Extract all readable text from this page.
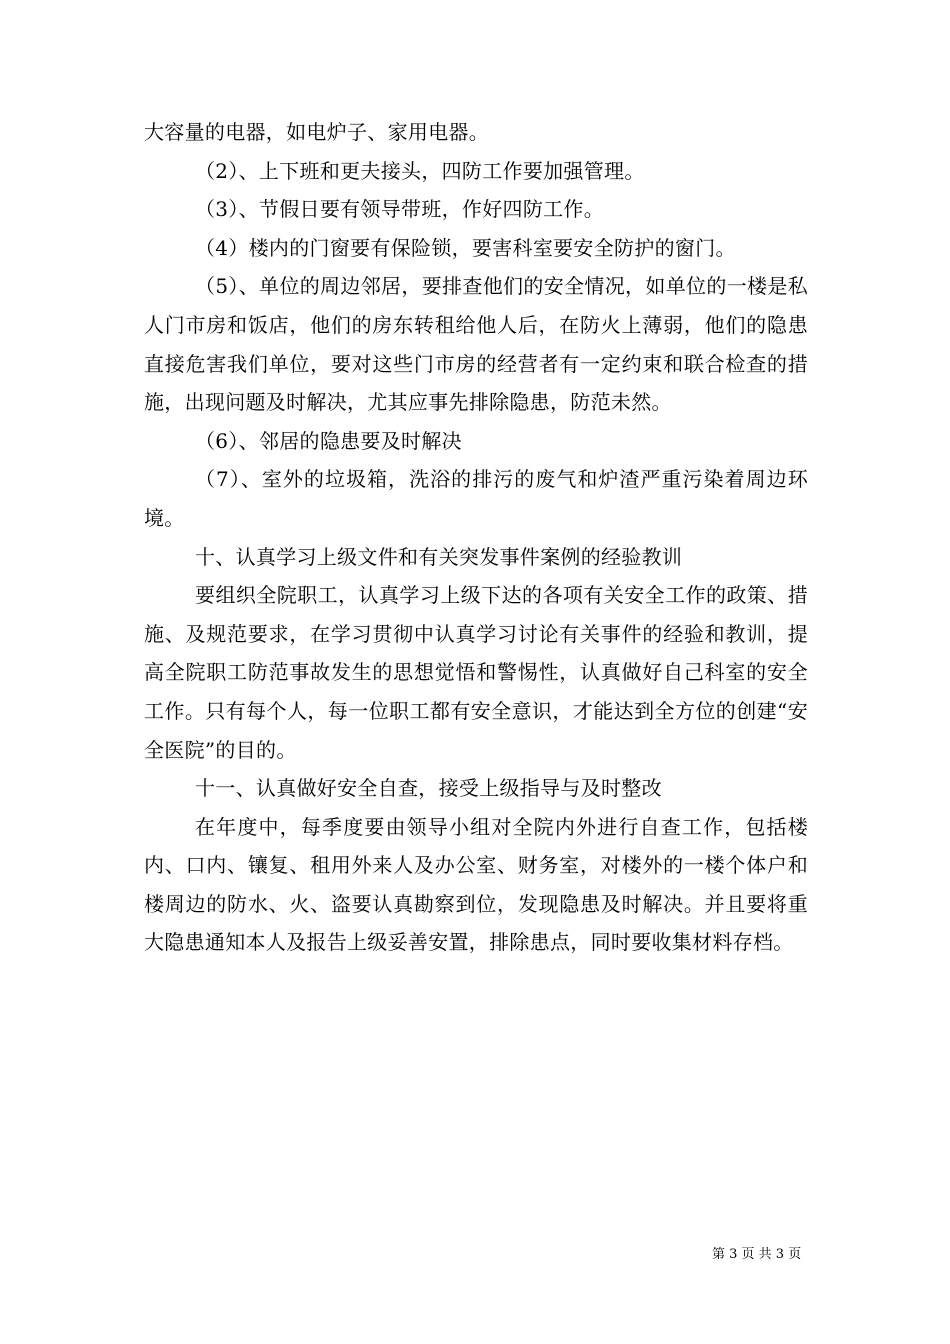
大容量的电器，如电炉子、家用电器。

（2）、上下班和更夫接头，四防工作要加强管理。

（3）、节假日要有领导带班，作好四防工作。

（4）楼内的门窗要有保险锁，要害科室要安全防护的窗门。

（5）、单位的周边邻居，要排查他们的安全情况，如单位的一楼是私人门市房和饭店，他们的房东转租给他人后，在防火上薄弱，他们的隐患直接危害我们单位，要对这些门市房的经营者有一定约束和联合检查的措施，出现问题及时解决，尤其应事先排除隐患，防范未然。

（6）、邻居的隐患要及时解决

（7）、室外的垃圾箱，洗浴的排污的废气和炉渣严重污染着周边环境。

十、认真学习上级文件和有关突发事件案例的经验教训

要组织全院职工，认真学习上级下达的各项有关安全工作的政策、措施、及规范要求，在学习贯彻中认真学习讨论有关事件的经验和教训，提高全院职工防范事故发生的思想觉悟和警惕性，认真做好自己科室的安全工作。只有每个人，每一位职工都有安全意识，才能达到全方位的创建“安全医院”的目的。

十一、认真做好安全自查，接受上级指导与及时整改

在年度中，每季度要由领导小组对全院内外进行自查工作，包括楼内、口内、镶复、租用外来人及办公室、财务室，对楼外的一楼个体户和楼周边的防水、火、盗要认真勘察到位，发现隐患及时解决。并且要将重大隐患通知本人及报告上级妥善安置，排除患点，同时要收集材料存档。

第 3 页 共 3 页
